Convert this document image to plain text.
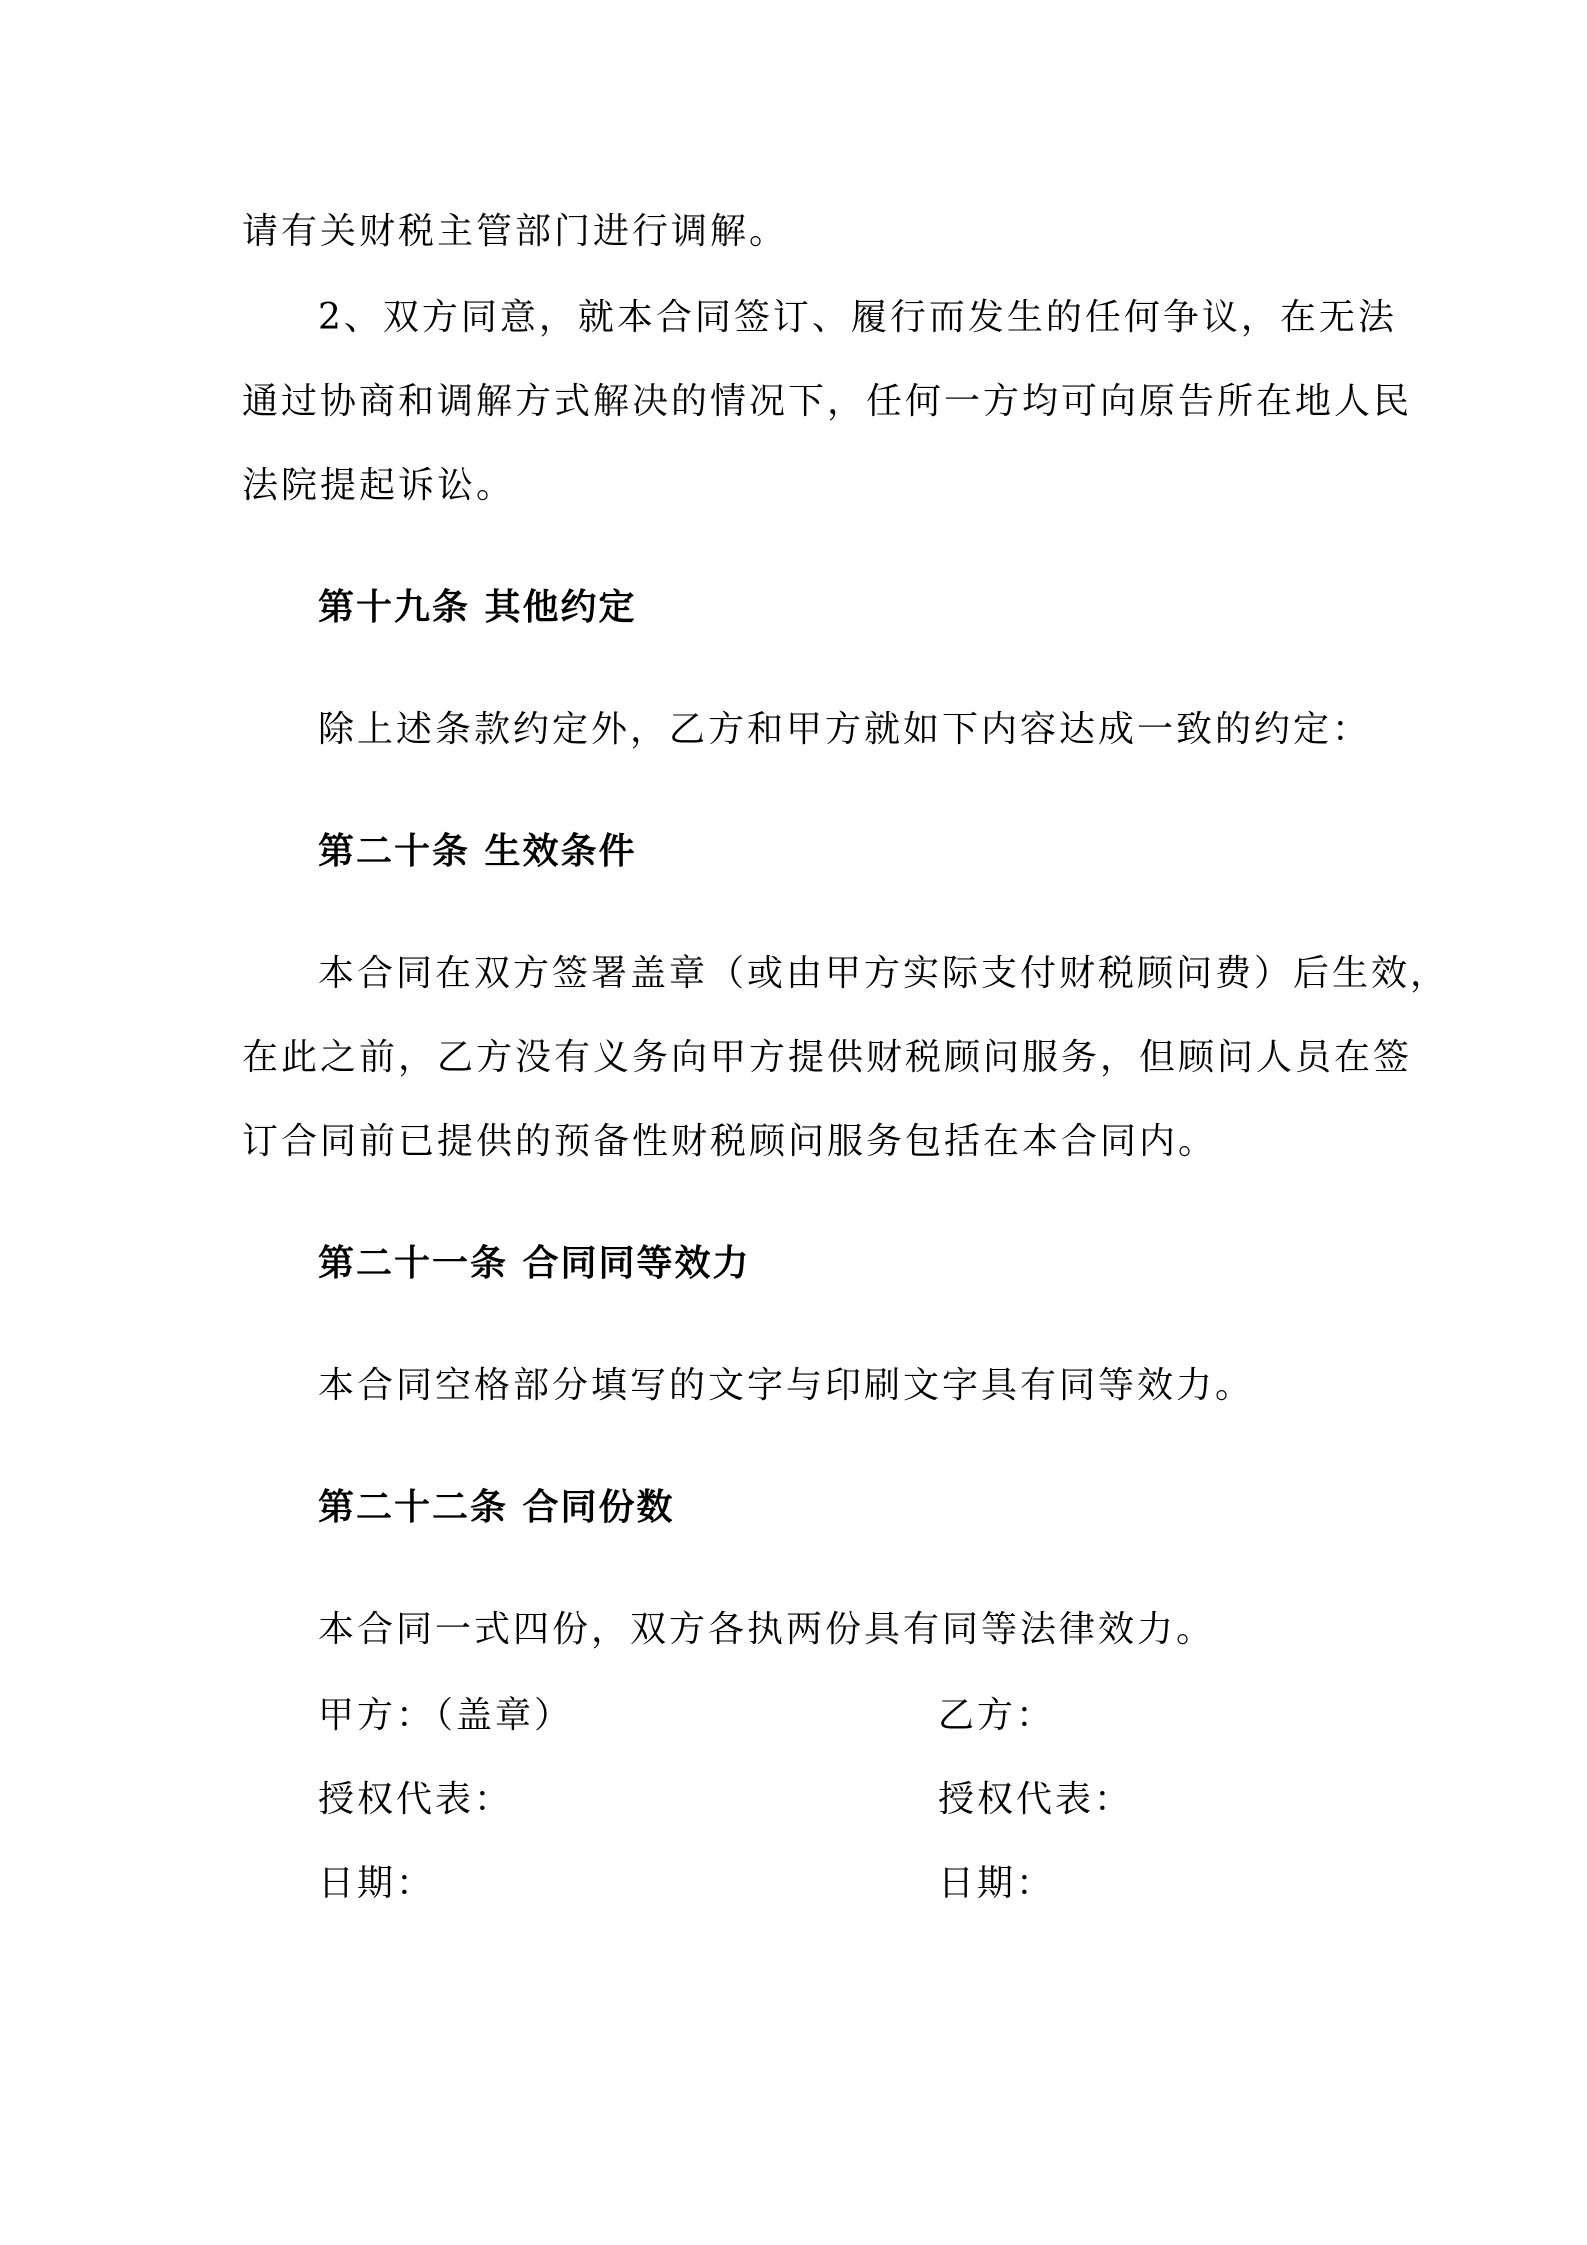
请有关财税主管部门进行调解。
2、双方同意，就本合同签订、履行而发生的任何争议，在无法
通过协商和调解方式解决的情况下，任何一方均可向原告所在地人民
法院提起诉讼。
第十九条 其他约定
除上述条款约定外，乙方和甲方就如下内容达成一致的约定：
第二十条 生效条件
本合同在双方签署盖章（或由甲方实际支付财税顾问费）后生效，
在此之前，乙方没有义务向甲方提供财税顾问服务，但顾问人员在签
订合同前已提供的预备性财税顾问服务包括在本合同内。
第二十一条 合同同等效力
本合同空格部分填写的文字与印刷文字具有同等效力。
第二十二条 合同份数
本合同一式四份，双方各执两份具有同等法律效力。
甲方：（盖章）	乙方：
授权代表：	授权代表：
日期：	日期：
